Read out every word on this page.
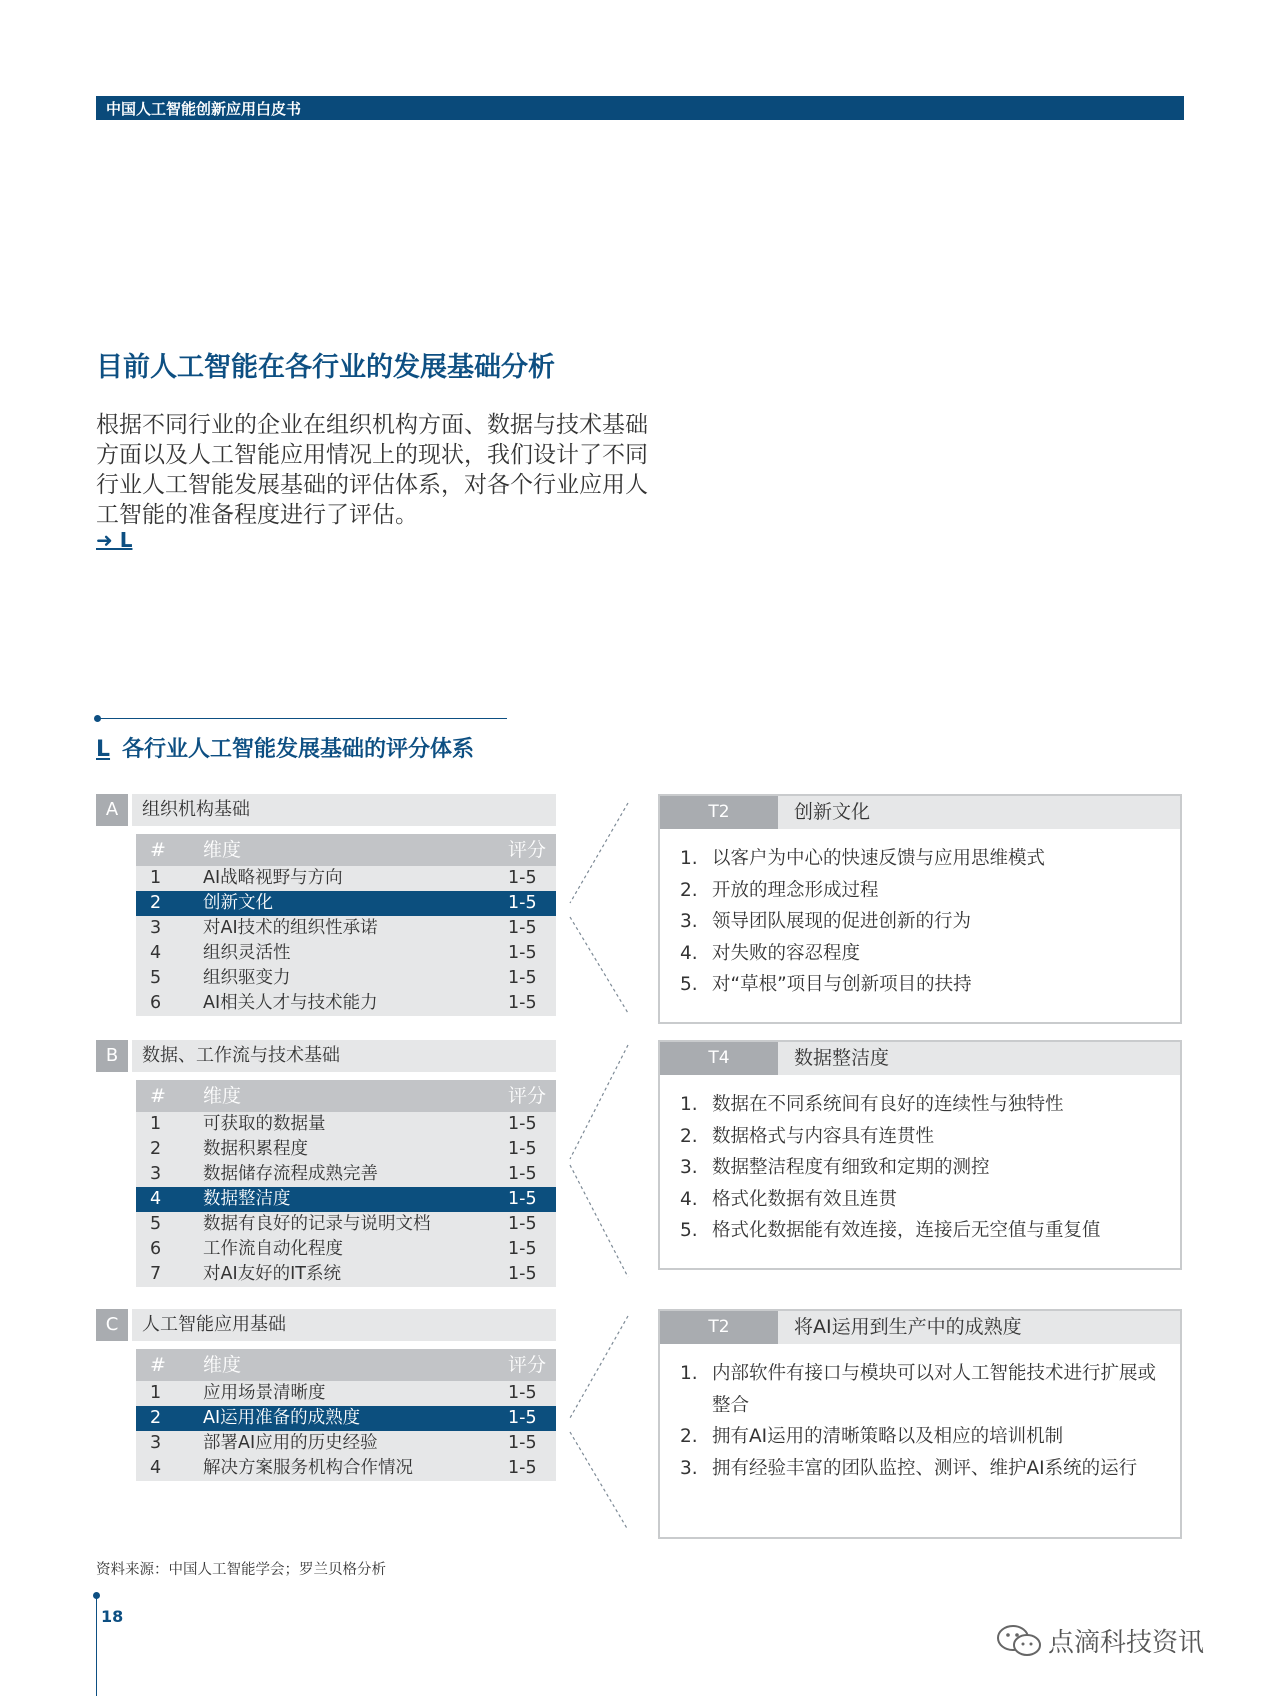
中国人工智能创新应用白皮书
目前人工智能在各行业的发展基础分析

根据不同行业的企业在组织机构方面、数据与技术基础方面以及人工智能应用情况上的现状，我们设计了不同行业人工智能发展基础的评估体系，对各个行业应用人工智能的准备程度进行了评估。

➜ L
L 各行业人工智能发展基础的评分体系
A	组织机构基础
# 维度	评分
1 AI战略视野与方向	1-5
2 创新文化	1-5
3 对AI技术的组织性承诺	1-5
4 组织灵活性	1-5
5 组织驱变力	1-5
6 AI相关人才与技术能力	1-5
B	数据、工作流与技术基础
# 维度	评分
1 可获取的数据量	1-5
2 数据积累程度	1-5
3 数据储存流程成熟完善	1-5
4 数据整洁度	1-5
5 数据有良好的记录与说明文档	1-5
6 工作流自动化程度	1-5
7 对AI友好的IT系统	1-5
C	人工智能应用基础
# 维度	评分
1 应用场景清晰度	1-5
2 AI运用准备的成熟度	1-5
3 部署AI应用的历史经验	1-5
4 解决方案服务机构合作情况	1-5
T2	创新文化
1. 以客户为中心的快速反馈与应用思维模式
2. 开放的理念形成过程
3. 领导团队展现的促进创新的行为
4. 对失败的容忍程度
5. 对“草根”项目与创新项目的扶持
T4	数据整洁度
1. 数据在不同系统间有良好的连续性与独特性
2. 数据格式与内容具有连贯性
3. 数据整洁程度有细致和定期的测控
4. 格式化数据有效且连贯
5. 格式化数据能有效连接，连接后无空值与重复值
T2	将AI运用到生产中的成熟度
1. 内部软件有接口与模块可以对人工智能技术进行扩展或整合
2. 拥有AI运用的清晰策略以及相应的培训机制
3. 拥有经验丰富的团队监控、测评、维护AI系统的运行
资料来源：中国人工智能学会；罗兰贝格分析
18
点滴科技资讯
